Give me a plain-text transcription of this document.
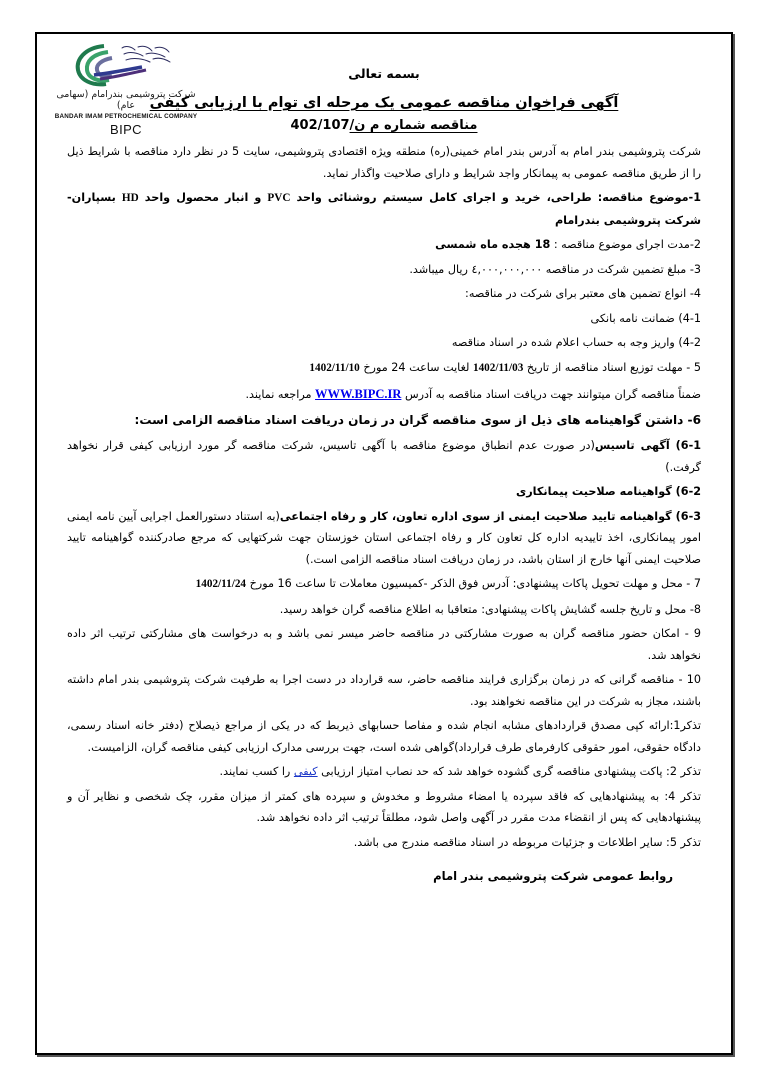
شرکت پتروشیمی بندرامام (سهامی عام)
BANDAR IMAM PETROCHEMICAL COMPANY
BIPC
بسمه تعالی
آگهی فراخوان مناقصه عمومی یک مرحله ای توام با ارزیابی کیفی
مناقصه شماره م ن/402/107

شرکت پتروشیمی بندر امام به آدرس بندر امام خمینی(ره) منطقه ویژه اقتصادی پتروشیمی، سایت 5 در نظر دارد مناقصه با شرایط ذیل را از طریق مناقصه عمومی به پیمانکار واجد شرایط و دارای صلاحیت واگذار نماید.

1-موضوع مناقصه: طراحی، خرید و اجرای کامل سیستم روشنائی واحد PVC و انبار محصول واحد HD بسپاران- شرکت پتروشیمی بندرامام

2-مدت اجرای موضوع مناقصه : 18 هجده ماه شمسی

3- مبلغ تضمین شرکت در مناقصه ٤,٠٠٠,٠٠٠,٠٠٠ ریال میباشد.

4- انواع تضمین های معتبر برای شرکت در مناقصه:

4-1) ضمانت نامه بانکی

4-2) واریز وجه به حساب اعلام شده در اسناد مناقصه

5 - مهلت توزیع اسناد مناقصه از تاریخ 1402/11/03 لغایت ساعت 24 مورخ 1402/11/10

ضمناً مناقصه گران میتوانند جهت دریافت اسناد مناقصه به آدرس WWW.BIPC.IR مراجعه نمایند.

6- داشتن گواهینامه های ذیل از سوی مناقصه گران در زمان دریافت اسناد مناقصه الزامی است:

6-1) آگهی تاسیس(در صورت عدم انطباق موضوع مناقصه با آگهی تاسیس، شرکت مناقصه گر مورد ارزیابی کیفی قرار نخواهد گرفت.)

6-2) گواهینامه صلاحیت پیمانکاری

6-3) گواهینامه تایید صلاحیت ایمنی از سوی اداره تعاون، کار و رفاه اجتماعی(به استناد دستورالعمل اجرایی آیین نامه ایمنی امور پیمانکاری، اخذ تاییدیه اداره کل تعاون کار و رفاه اجتماعی استان خوزستان جهت شرکتهایی که مرجع صادرکننده گواهینامه تایید صلاحیت ایمنی آنها خارج از استان باشد، در زمان دریافت اسناد مناقصه الزامی است.)

7 - محل و مهلت تحویل پاکات پیشنهادی: آدرس فوق الذکر -کمیسیون معاملات تا ساعت 16 مورخ 1402/11/24

8- محل و تاریخ جلسه گشایش پاکات پیشنهادی: متعاقبا به اطلاع مناقصه گران خواهد رسید.

9 - امکان حضور مناقصه گران به صورت مشارکتی در مناقصه حاضر میسر نمی باشد و به درخواست های مشارکتی ترتیب اثر داده نخواهد شد.

10 - مناقصه گرانی که در زمان برگزاری فرایند مناقصه حاضر، سه قرارداد در دست اجرا به طرفیت شرکت پتروشیمی بندر امام داشته باشند، مجاز به شرکت در این مناقصه نخواهند بود.

تذکر1:ارائه کپی مصدق قراردادهای مشابه انجام شده و مفاصا حسابهای ذیربط که در یکی از مراجع ذیصلاح (دفتر خانه اسناد رسمی، دادگاه حقوقی، امور حقوقی کارفرمای طرف قرارداد)گواهی شده است، جهت بررسی مدارک ارزیابی کیفی مناقصه گران، الزامیست.

تذکر 2: پاکت پیشنهادی مناقصه گری گشوده خواهد شد که حد نصاب امتیاز ارزیابی کیفی را کسب نمایند.

تذکر 4: به پیشنهادهایی که فاقد سپرده یا امضاء مشروط و مخدوش و سپرده های کمتر از میزان مقرر، چک شخصی و نظایر آن و پیشنهادهایی که پس از انقضاء مدت مقرر در آگهی واصل شود، مطلقاً ترتیب اثر داده نخواهد شد.

تذکر 5: سایر اطلاعات و جزئیات مربوطه در اسناد مناقصه مندرج می باشد.

روابط عمومی شرکت پتروشیمی بندر امام
